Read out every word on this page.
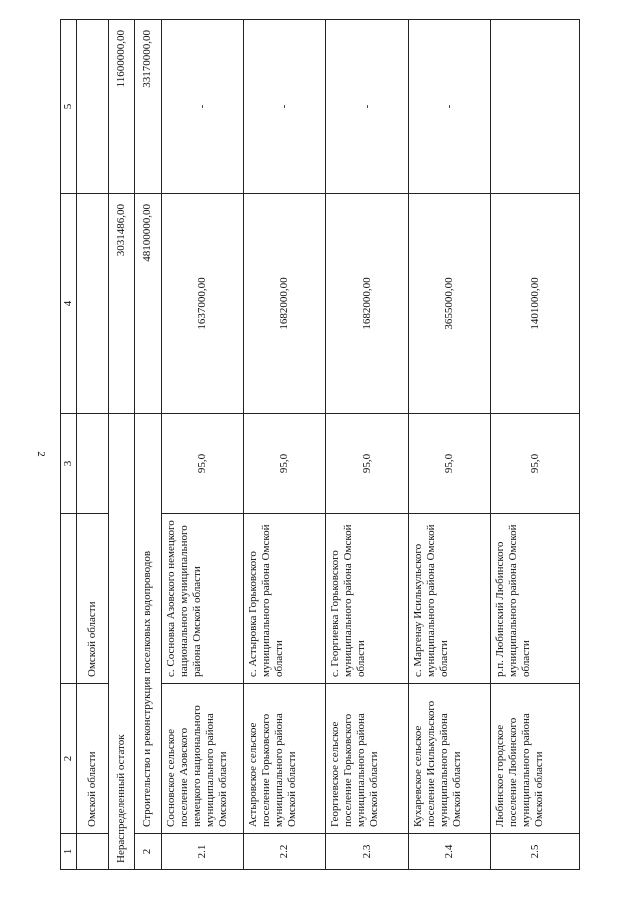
2
1	2		3	4	5
	Омской области	Омской области			
Нераспределенный остаток				3031486,00	11600000,00
2	Строительство и реконструкция поселковых водопроводов			48100000,00	33170000,00
2.1	Сосновское сельское поселение Азовского немецкого национального муниципального района Омской области	с. Сосновка Азовского немецкого национального муниципального района Омской области	95,0	1637000,00	-
2.2	Астыровское сельское поселение Горьковского муниципального района Омской области	с. Астыровка Горьковского муниципального района Омской области	95,0	1682000,00	-
2.3	Георгиевское сельское поселение Горьковского муниципального района Омской области	с. Георгиевка Горьковского муниципального района Омской области	95,0	1682000,00	-
2.4	Кухаревское сельское поселение Исилькульского муниципального района Омской области	с. Маргенау Исилькульского муниципального района Омской области	95,0	3655000,00	-
2.5	Любинское городское поселение Любинского муниципального района Омской области	р.п. Любинский Любинского муниципального района Омской области	95,0	1401000,00	
